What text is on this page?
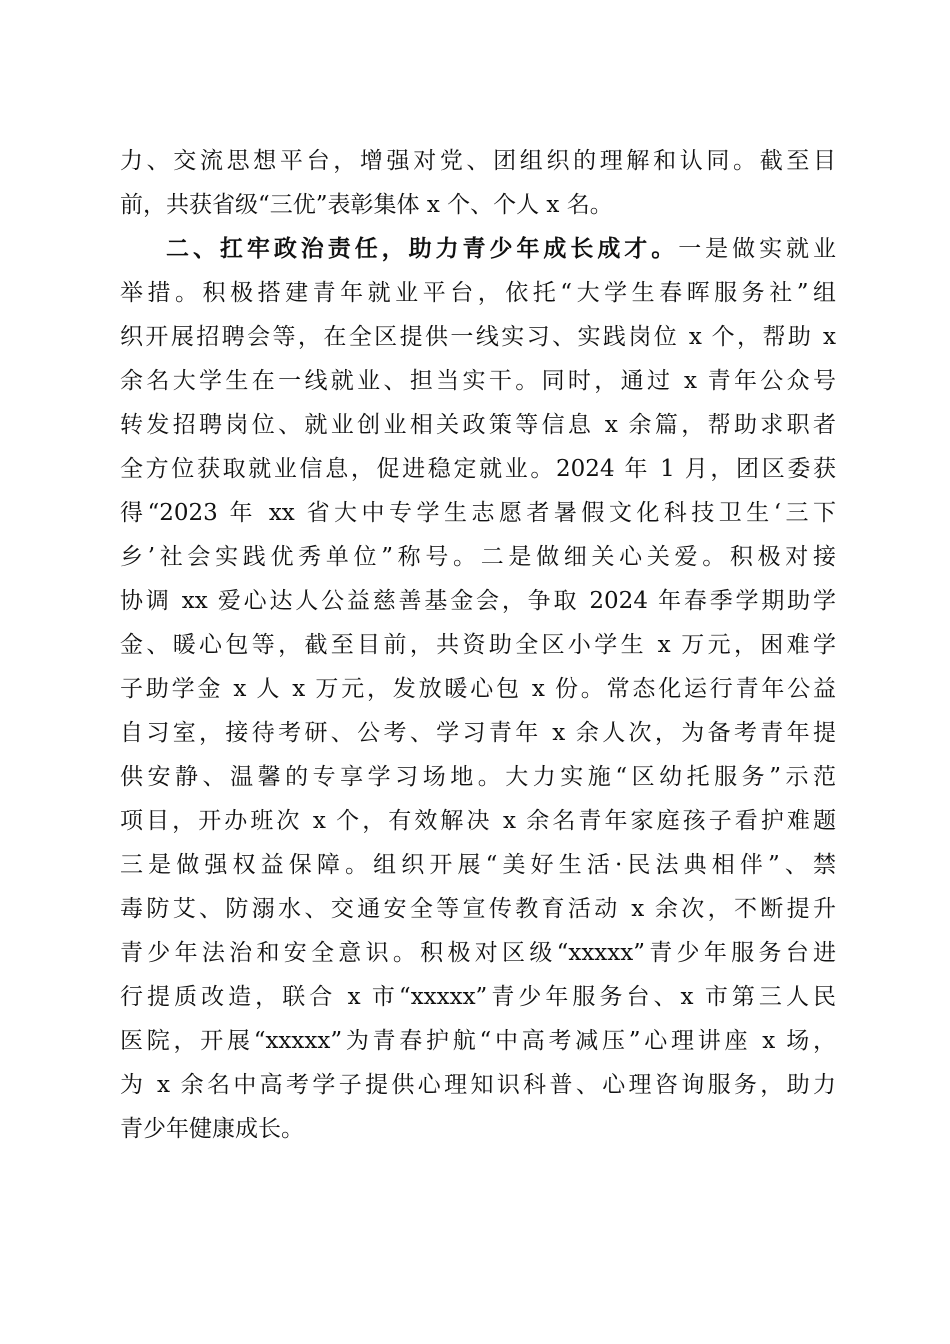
力、交流思想平台，增强对党、团组织的理解和认同。截至目
前，共获省级“三优”表彰集体 x 个、个人 x 名。
二、扛牢政治责任，助力青少年成长成才。一是做实就业
举措。积极搭建青年就业平台，依托“大学生春晖服务社”组
织开展招聘会等，在全区提供一线实习、实践岗位 x 个，帮助 x
余名大学生在一线就业、担当实干。同时，通过 x 青年公众号
转发招聘岗位、就业创业相关政策等信息 x 余篇，帮助求职者
全方位获取就业信息，促进稳定就业。2024 年 1 月，团区委获
得“2023 年 xx 省大中专学生志愿者暑假文化科技卫生‘三下
乡’社会实践优秀单位”称号。二是做细关心关爱。积极对接
协调 xx 爱心达人公益慈善基金会，争取 2024 年春季学期助学
金、暖心包等，截至目前，共资助全区小学生 x 万元，困难学
子助学金 x 人 x 万元，发放暖心包 x 份。常态化运行青年公益
自习室，接待考研、公考、学习青年 x 余人次，为备考青年提
供安静、温馨的专享学习场地。大力实施“区幼托服务”示范
项目，开办班次 x 个，有效解决 x 余名青年家庭孩子看护难题
三是做强权益保障。组织开展“美好生活·民法典相伴”、禁
毒防艾、防溺水、交通安全等宣传教育活动 x 余次，不断提升
青少年法治和安全意识。积极对区级“xxxxx”青少年服务台进
行提质改造，联合 x 市“xxxxx”青少年服务台、x 市第三人民
医院，开展“xxxxx”为青春护航“中高考减压”心理讲座 x 场，
为 x 余名中高考学子提供心理知识科普、心理咨询服务，助力
青少年健康成长。
